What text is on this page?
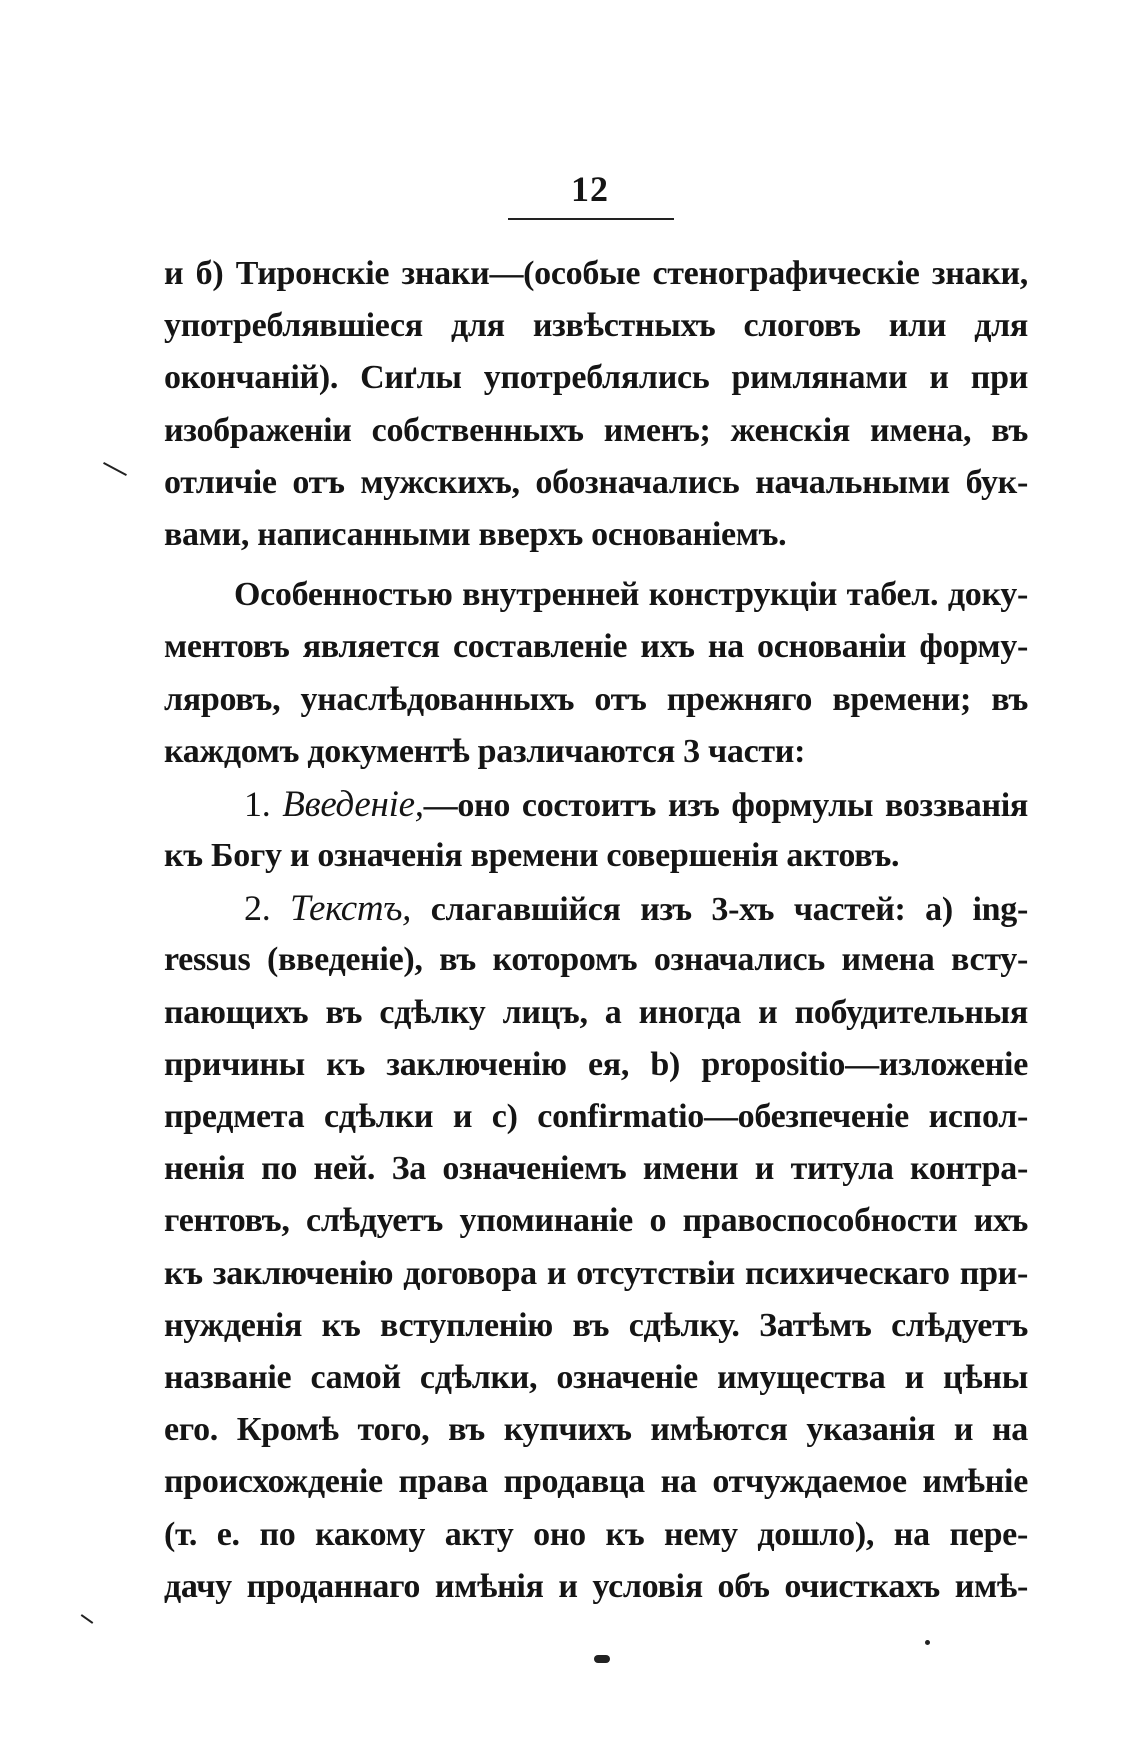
12
и б) Тиронскіе знаки—(особые стенографическіе знаки,
употреблявшіеся для извѣстныхъ слоговъ или для
окончаній). Сиґлы употреблялись римлянами и при
изображеніи собственныхъ именъ; женскія имена, въ
отличіе отъ мужскихъ, обозначались начальными бук-
вами, написанными вверхъ основаніемъ.
Особенностью внутренней конструкціи табел. доку-
ментовъ является составленіе ихъ на основаніи форму-
ляровъ, унаслѣдованныхъ отъ прежняго времени; въ
каждомъ документѣ различаются 3 части:
1. Введеніе,—оно состоитъ изъ формулы воззванія
къ Богу и означенія времени совершенія актовъ.
2. Текстъ, слагавшійся изъ 3-хъ частей: а) ing-
ressus (введеніе), въ которомъ означались имена всту-
пающихъ въ сдѣлку лицъ, а иногда и побудительныя
причины къ заключенію ея, b) propositio—изложеніе
предмета сдѣлки и с) confirmatio—обезпеченіе испол-
ненія по ней. За означеніемъ имени и титула контра-
гентовъ, слѣдуетъ упоминаніе о правоспособности ихъ
къ заключенію договора и отсутствіи психическаго при-
нужденія къ вступленію въ сдѣлку. Затѣмъ слѣдуетъ
названіе самой сдѣлки, означеніе имущества и цѣны
его. Кромѣ того, въ купчихъ имѣются указанія и на
происхожденіе права продавца на отчуждаемое имѣніе
(т. е. по какому акту оно къ нему дошло), на пере-
дачу проданнаго имѣнія и условія объ очисткахъ имѣ-
